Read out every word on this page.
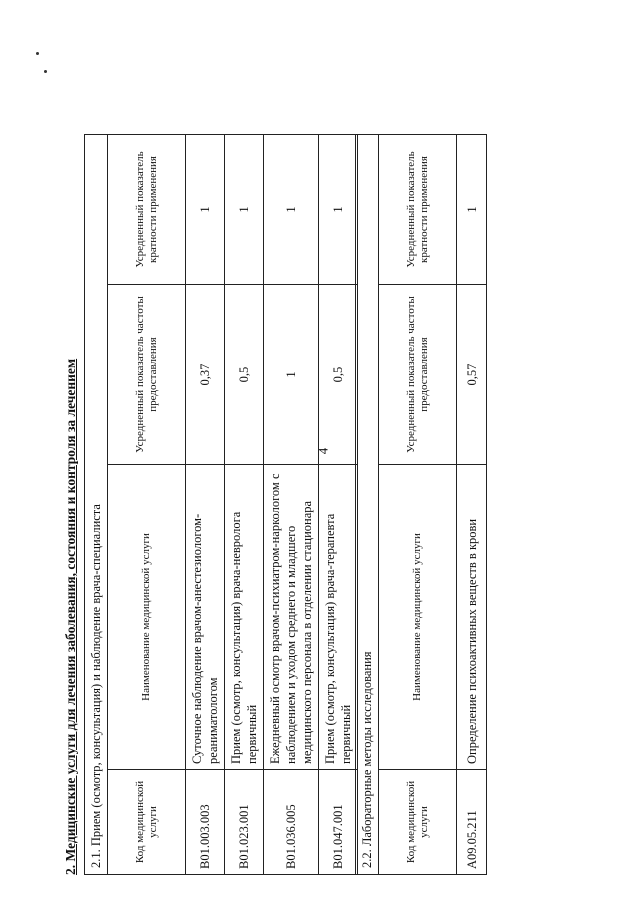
4
2. Медицинские услуги для лечения заболевания, состояния и контроля за лечением 2.1. Прием (осмотр, консультация) и наблюдение врача-специалиста			
Код медицинской услуги	Наименование медицинской услуги	Усредненный показатель частоты предоставления	Усредненный показатель кратности применения
B01.003.003	Суточное наблюдение врачом-анестезиологом-реаниматологом	0,37	1
B01.023.001	Прием (осмотр, консультация) врача-невролога первичный	0,5	1
B01.036.005	Ежедневный осмотр врачом-психиатром-наркологом с наблюдением и уходом среднего и младшего медицинского персонала в отделении стационара	1	1
B01.047.001	Прием (осмотр, консультация) врача-терапевта первичный	0,5	1
2.2. Лабораторные методы исследования			
Код медицинской услуги	Наименование медицинской услуги	Усредненный показатель частоты предоставления	Усредненный показатель кратности применения
A09.05.211	Определение психоактивных веществ в крови	0,57	1
